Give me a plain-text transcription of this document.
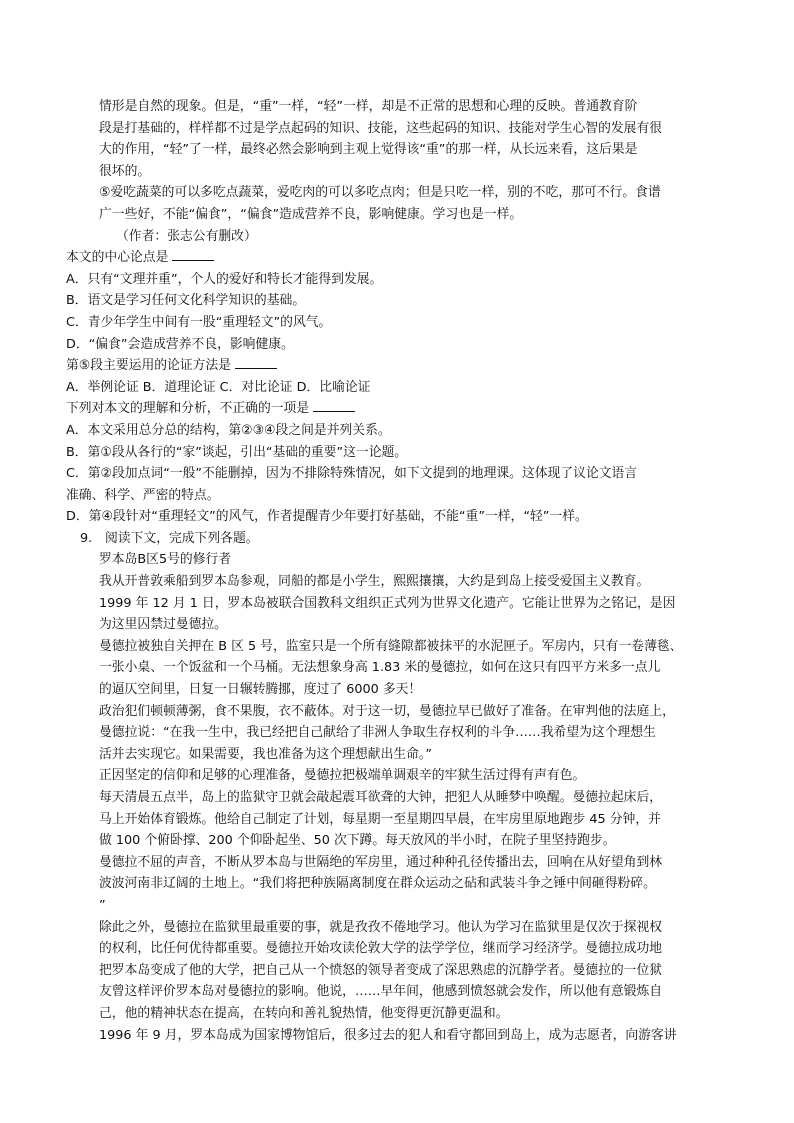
情形是自然的现象。但是，“重”一样，“轻”一样，却是不正常的思想和心理的反映。普通教育阶
段是打基础的，样样都不过是学点起码的知识、技能，这些起码的知识、技能对学生心智的发展有很
大的作用，“轻”了一样，最终必然会影响到主观上觉得该“重”的那一样，从长远来看，这后果是
很坏的。
⑤爱吃蔬菜的可以多吃点蔬菜，爱吃肉的可以多吃点肉；但是只吃一样，别的不吃，那可不行。食谱
广一些好，不能“偏食”，“偏食”造成营养不良，影响健康。学习也是一样。
（作者：张志公有删改）
本文的中心论点是
A．只有“文理并重”，个人的爱好和特长才能得到发展。
B．语文是学习任何文化科学知识的基础。
C．青少年学生中间有一股“重理轻文”的风气。
D．“偏食”会造成营养不良，影响健康。
第⑤段主要运用的论证方法是
A．举例论证 B．道理论证 C．对比论证 D．比喻论证
下列对本文的理解和分析，不正确的一项是
A．本文采用总分总的结构，第②③④段之间是并列关系。
B．第①段从各行的“家”谈起，引出“基础的重要”这一论题。
C．第②段加点词“一般”不能删掉，因为不排除特殊情况，如下文提到的地理课。这体现了议论文语言
准确、科学、严密的特点。
D．第④段针对“重理轻文”的风气，作者提醒青少年要打好基础，不能“重”一样，“轻”一样。
9.　阅读下文，完成下列各题。
罗本岛B区5号的修行者
我从开普敦乘船到罗本岛参观，同船的都是小学生，熙熙攘攘，大约是到岛上接受爱国主义教育。
1999 年 12 月 1 日，罗本岛被联合国教科文组织正式列为世界文化遗产。它能让世界为之铭记，是因
为这里囚禁过曼德拉。
曼德拉被独自关押在 B 区 5 号，监室只是一个所有缝隙都被抹平的水泥匣子。军房内，只有一卷薄毯、
一张小桌、一个饭盆和一个马桶。无法想象身高 1.83 米的曼德拉，如何在这只有四平方米多一点儿
的逼仄空间里，日复一日辗转腾挪，度过了 6000 多天！
政治犯们顿顿薄粥，食不果腹，衣不蔽体。对于这一切，曼德拉早已做好了准备。在审判他的法庭上，
曼德拉说：“在我一生中，我已经把自己献给了非洲人争取生存权利的斗争……我希望为这个理想生
活并去实现它。如果需要，我也准备为这个理想献出生命。”
正因坚定的信仰和足够的心理准备，曼德拉把极端单调艰辛的牢狱生活过得有声有色。
每天清晨五点半，岛上的监狱守卫就会敲起震耳欲聋的大钟，把犯人从睡梦中唤醒。曼德拉起床后，
马上开始体育锻炼。他给自己制定了计划，每星期一至星期四早晨，在牢房里原地跑步 45 分钟，并
做 100 个俯卧撑、200 个仰卧起坐、50 次下蹲。每天放风的半小时，在院子里坚持跑步。
曼德拉不屈的声音，不断从罗本岛与世隔绝的军房里，通过种种孔径传播出去，回响在从好望角到林
波波河南非辽阔的土地上。“我们将把种族隔离制度在群众运动之砧和武装斗争之锤中间砸得粉碎。
”
除此之外，曼德拉在监狱里最重要的事，就是孜孜不倦地学习。他认为学习在监狱里是仅次于探视权
的权利，比任何优待都重要。曼德拉开始攻读伦敦大学的法学学位，继而学习经济学。曼德拉成功地
把罗本岛变成了他的大学，把自己从一个愤怒的领导者变成了深思熟虑的沉静学者。曼德拉的一位狱
友曾这样评价罗本岛对曼德拉的影响。他说，……早年间，他感到愤怒就会发作，所以他有意锻炼自
己，他的精神状态在提高，在转向和善礼貌热情，他变得更沉静更温和。
1996 年 9 月，罗本岛成为国家博物馆后，很多过去的犯人和看守都回到岛上，成为志愿者，向游客讲
